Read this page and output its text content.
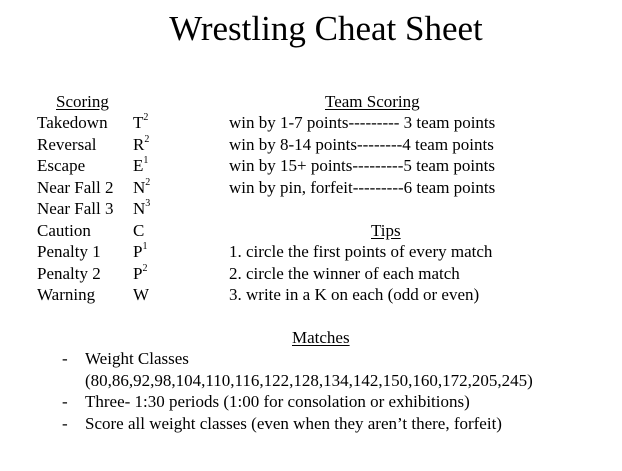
Wrestling Cheat Sheet
Scoring
Takedown $T^2$
Reversal $R^2$
Escape	$E^1$
Near Fall 2 $N^2$
Near Fall 3 $N^3$
Caution C
Penalty 1 $P^1$
Penalty 2 $P^2$
Warning W
Team Scoring
win by 1-7 points--------- 3 team points
win by 8-14 points--------4 team points
win by 15+ points---------5 team points
win by pin, forfeit---------6 team points
Tips
1. circle the first points of every match
2. circle the winner of each match
3. write in a K on each (odd or even)
Matches
- Weight Classes
(80,86,92,98,104,110,116,122,128,134,142,150,160,172,205,245)
- Three- 1:30 periods (1:00 for consolation or exhibitions)
- Score all weight classes (even when they aren’t there, forfeit)
